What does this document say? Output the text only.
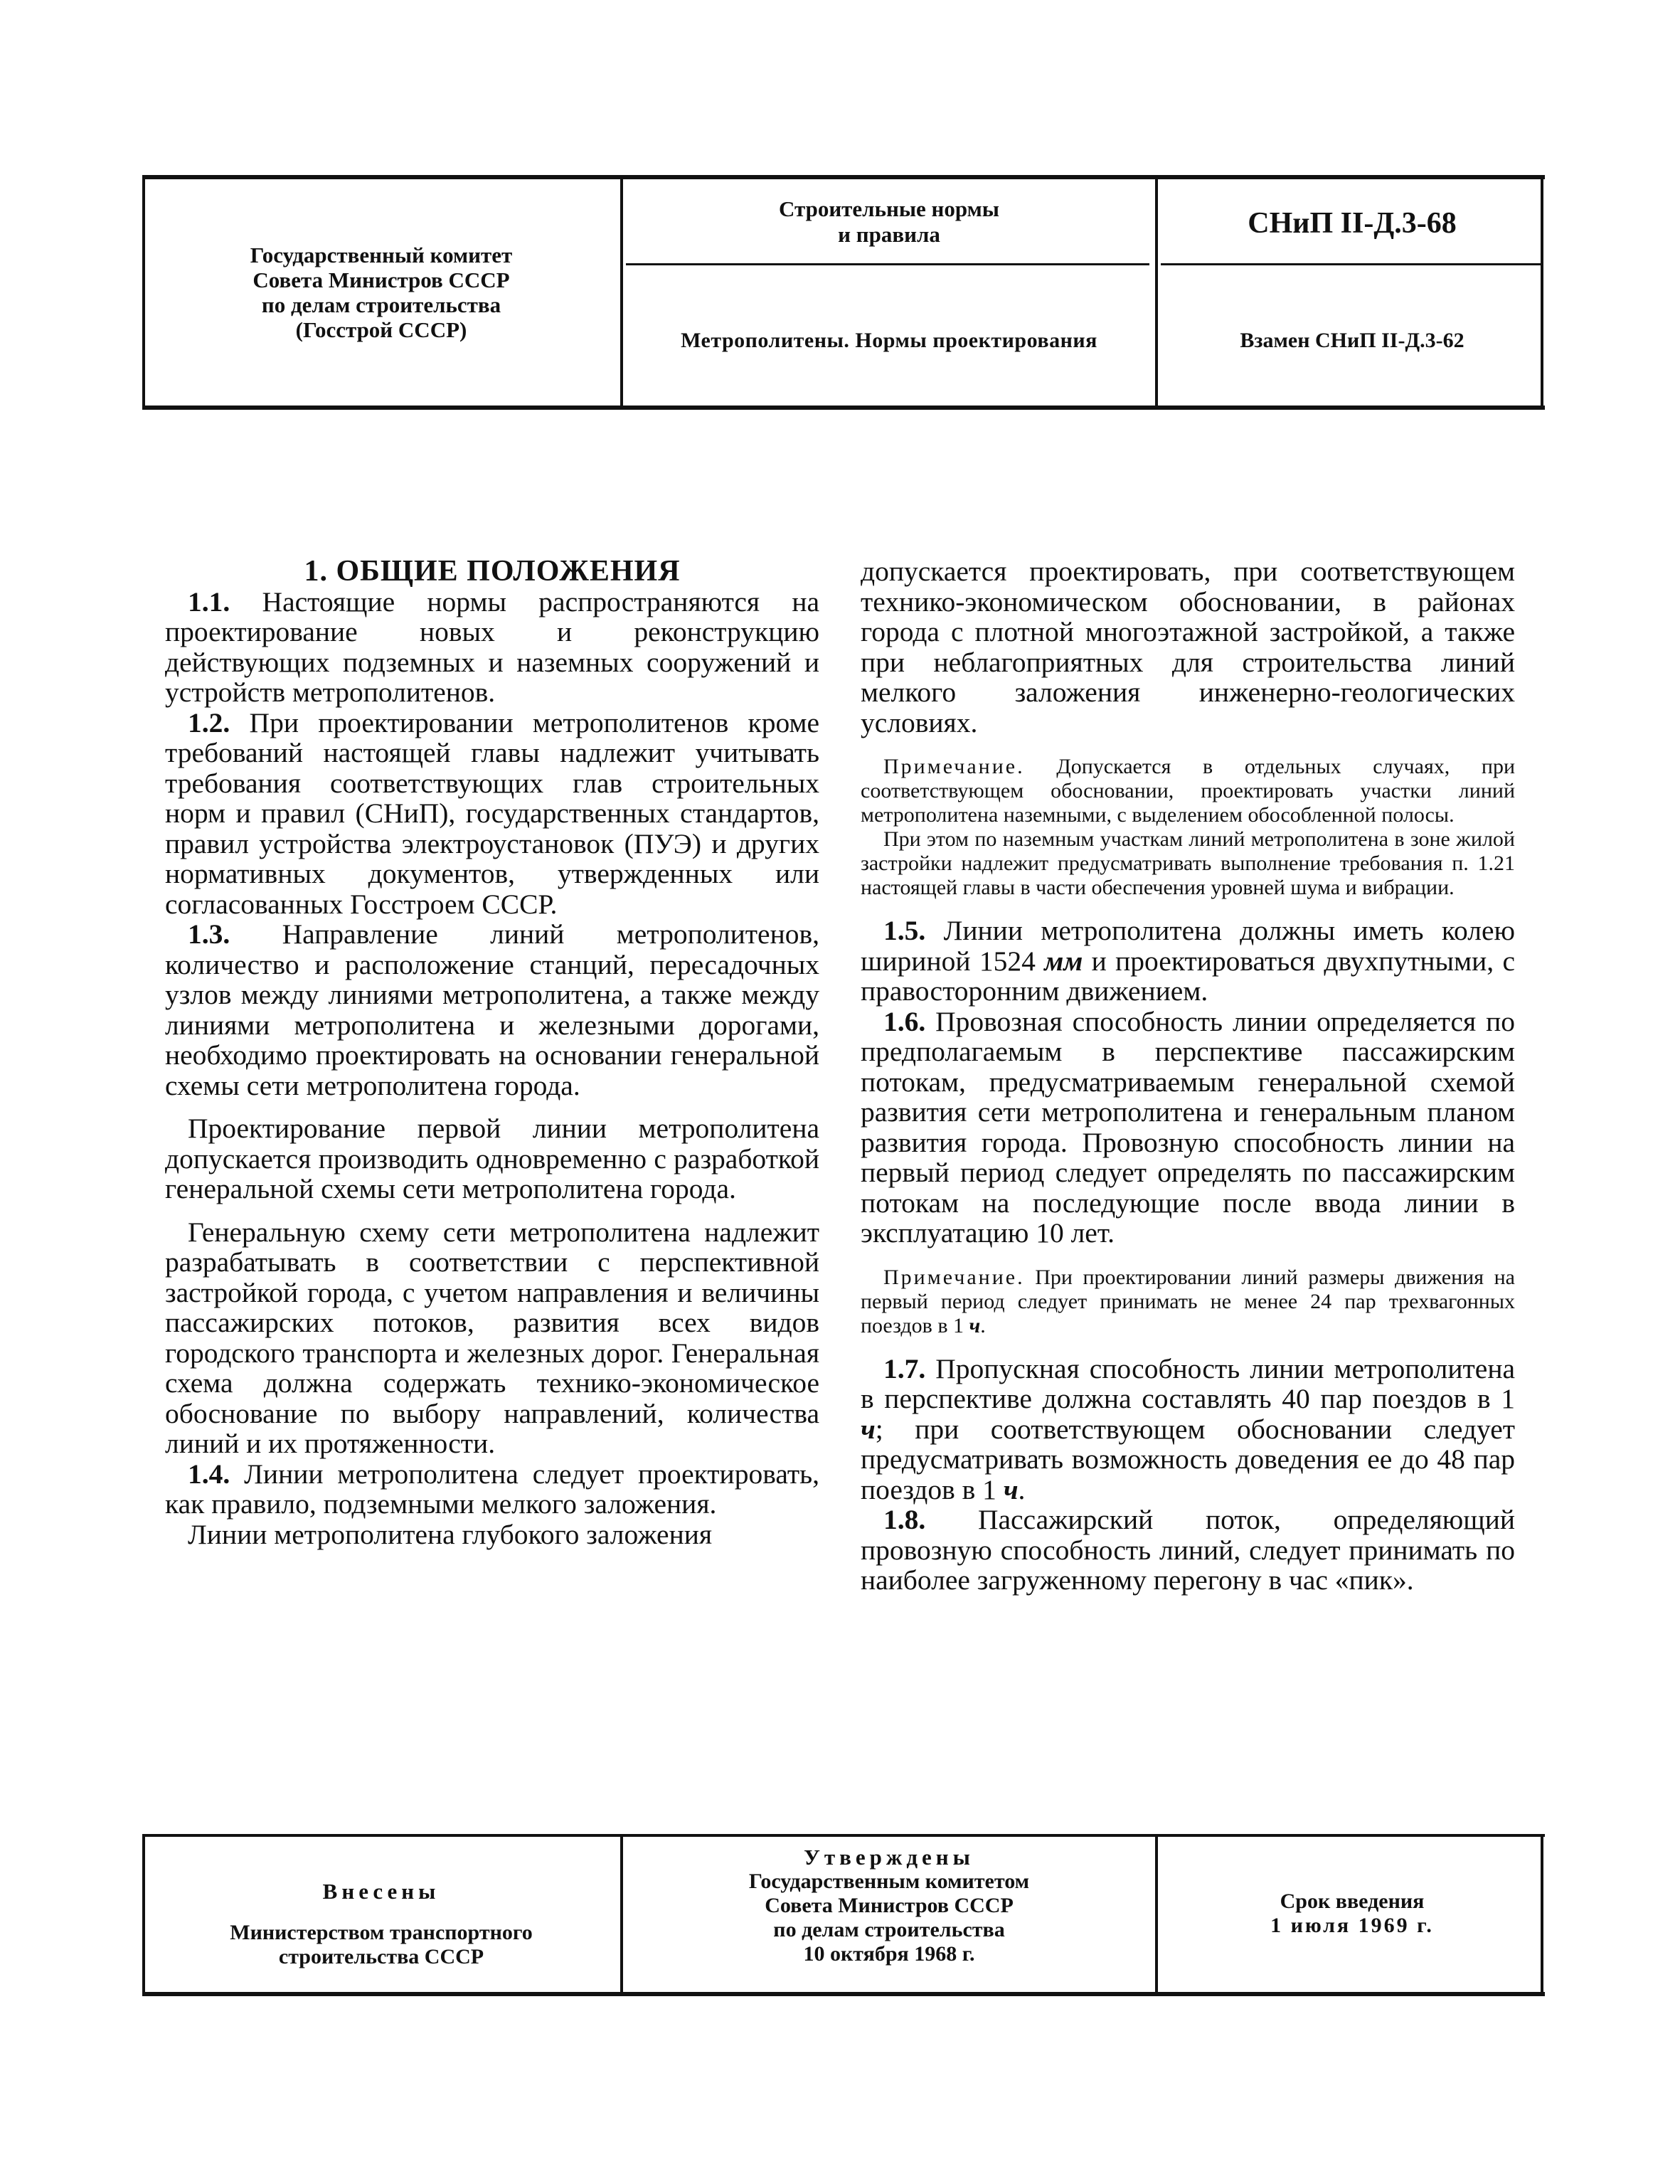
Государственный комитет
Совета Министров СССР
по делам строительства
(Госстрой СССР)
Строительные нормы
и правила
Метрополитены. Нормы проектирования
СНиП II-Д.3-68
Взамен СНиП II-Д.3-62

1. ОБЩИЕ ПОЛОЖЕНИЯ

1.1. Настоящие нормы распространяются на проектирование новых и реконструкцию действующих подземных и наземных сооружений и устройств метрополитенов.

1.2. При проектировании метрополитенов кроме требований настоящей главы надлежит учитывать требования соответствующих глав строительных норм и правил (СНиП), государственных стандартов, правил устройства электроустановок (ПУЭ) и других нормативных документов, утвержденных или согласованных Госстроем СССР.

1.3. Направление линий метрополитенов, количество и расположение станций, пересадочных узлов между линиями метрополитена, а также между линиями метрополитена и железными дорогами, необходимо проектировать на основании генеральной схемы сети метрополитена города.

Проектирование первой линии метрополитена допускается производить одновременно с разработкой генеральной схемы сети метрополитена города.

Генеральную схему сети метрополитена надлежит разрабатывать в соответствии с перспективной застройкой города, с учетом направления и величины пассажирских потоков, развития всех видов городского транспорта и железных дорог. Генеральная схема должна содержать технико-экономическое обоснование по выбору направлений, количества линий и их протяженности.

1.4. Линии метрополитена следует проектировать, как правило, подземными мелкого заложения.

Линии метрополитена глубокого заложения

допускается проектировать, при соответствующем технико-экономическом обосновании, в районах города с плотной многоэтажной застройкой, а также при неблагоприятных для строительства линий мелкого заложения инженерно-геологических условиях.

Примечание. Допускается в отдельных случаях, при соответствующем обосновании, проектировать участки линий метрополитена наземными, с выделением обособленной полосы.

При этом по наземным участкам линий метрополитена в зоне жилой застройки надлежит предусматривать выполнение требования п. 1.21 настоящей главы в части обеспечения уровней шума и вибрации.

1.5. Линии метрополитена должны иметь колею шириной 1524 мм и проектироваться двухпутными, с правосторонним движением.

1.6. Провозная способность линии определяется по предполагаемым в перспективе пассажирским потокам, предусматриваемым генеральной схемой развития сети метрополитена и генеральным планом развития города. Провозную способность линии на первый период следует определять по пассажирским потокам на последующие после ввода линии в эксплуатацию 10 лет.

Примечание. При проектировании линий размеры движения на первый период следует принимать не менее 24 пар трехвагонных поездов в 1 ч.

1.7. Пропускная способность линии метрополитена в перспективе должна составлять 40 пар поездов в 1 ч; при соответствующем обосновании следует предусматривать возможность доведения ее до 48 пар поездов в 1 ч.

1.8. Пассажирский поток, определяющий провозную способность линий, следует принимать по наиболее загруженному перегону в час «пик».

Внесены
Министерством транспортного
строительства СССР
Утверждены
Государственным комитетом
Совета Министров СССР
по делам строительства
10 октября 1968 г.
Срок введения
1 июля 1969 г.
